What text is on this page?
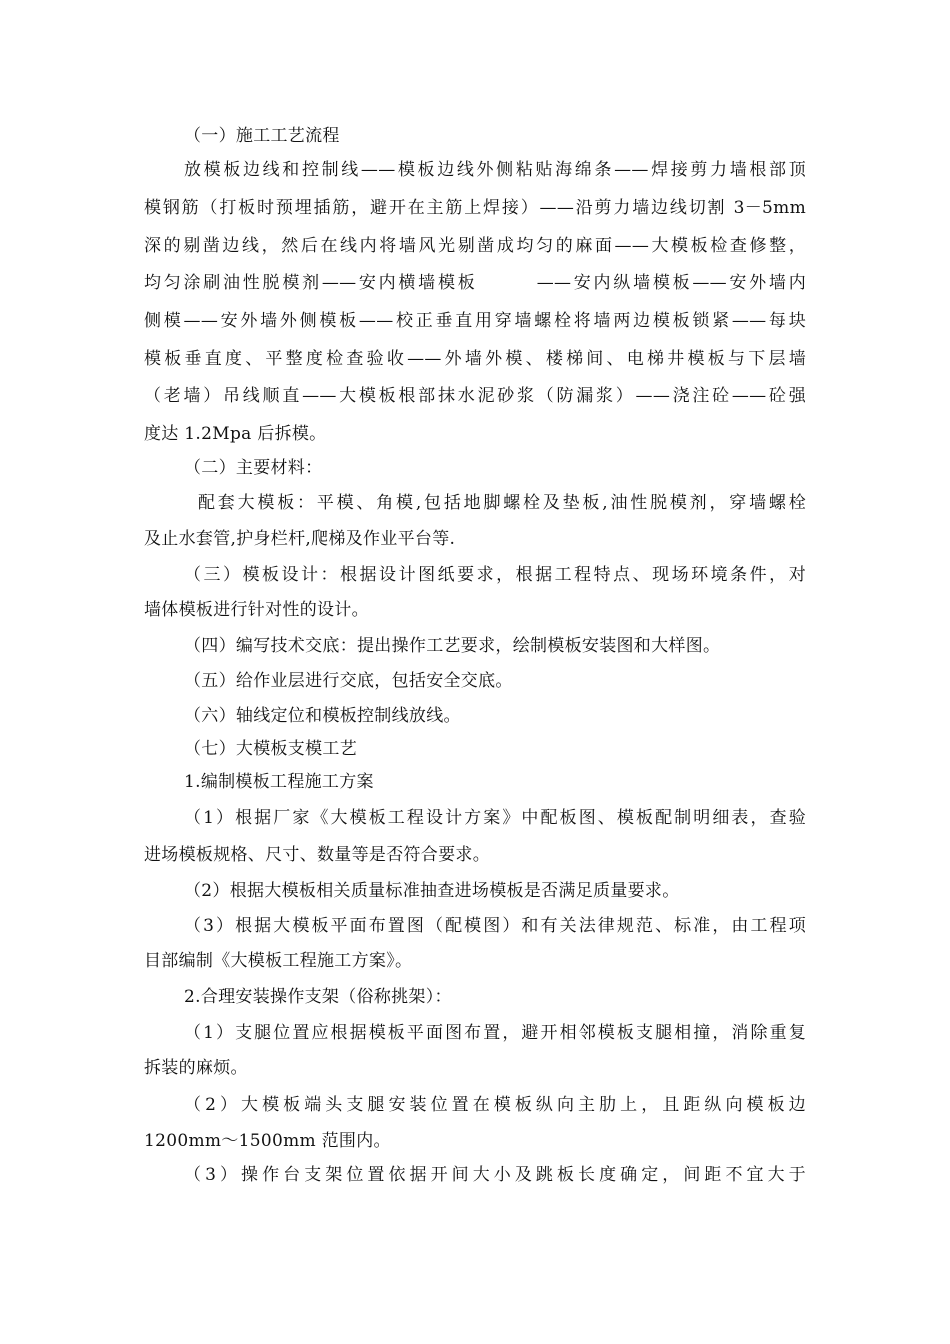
（一）施工工艺流程
放模板边线和控制线——模板边线外侧粘贴海绵条——焊接剪力墙根部顶
模钢筋（打板时预埋插筋，避开在主筋上焊接）——沿剪力墙边线切割 3－5mm
深的剔凿边线，然后在线内将墙风光剔凿成均匀的麻面——大模板检查修整，
均匀涂刷油性脱模剂——安内横墙模板　　　——安内纵墙模板——安外墙内
侧模——安外墙外侧模板——校正垂直用穿墙螺栓将墙两边模板锁紧——每块
模板垂直度、平整度检查验收——外墙外模、楼梯间、电梯井模板与下层墙
（老墙）吊线顺直——大模板根部抹水泥砂浆（防漏浆）——浇注砼——砼强
度达 1.2Mpa 后拆模。
（二）主要材料：
配套大模板：平模、角模,包括地脚螺栓及垫板,油性脱模剂，穿墙螺栓
及止水套管,护身栏杆,爬梯及作业平台等.
（三）模板设计：根据设计图纸要求，根据工程特点、现场环境条件，对
墙体模板进行针对性的设计。
（四）编写技术交底：提出操作工艺要求，绘制模板安装图和大样图。
（五）给作业层进行交底，包括安全交底。
（六）轴线定位和模板控制线放线。
（七）大模板支模工艺
1.编制模板工程施工方案
（1）根据厂家《大模板工程设计方案》中配板图、模板配制明细表，查验
进场模板规格、尺寸、数量等是否符合要求。
（2）根据大模板相关质量标准抽查进场模板是否满足质量要求。
（3）根据大模板平面布置图（配模图）和有关法律规范、标准，由工程项
目部编制《大模板工程施工方案》。
2.合理安装操作支架（俗称挑架）：
（1）支腿位置应根据模板平面图布置，避开相邻模板支腿相撞，消除重复
拆装的麻烦。
（2）大模板端头支腿安装位置在模板纵向主肋上，且距纵向模板边
1200mm～1500mm 范围内。
（3）操作台支架位置依据开间大小及跳板长度确定，间距不宜大于
